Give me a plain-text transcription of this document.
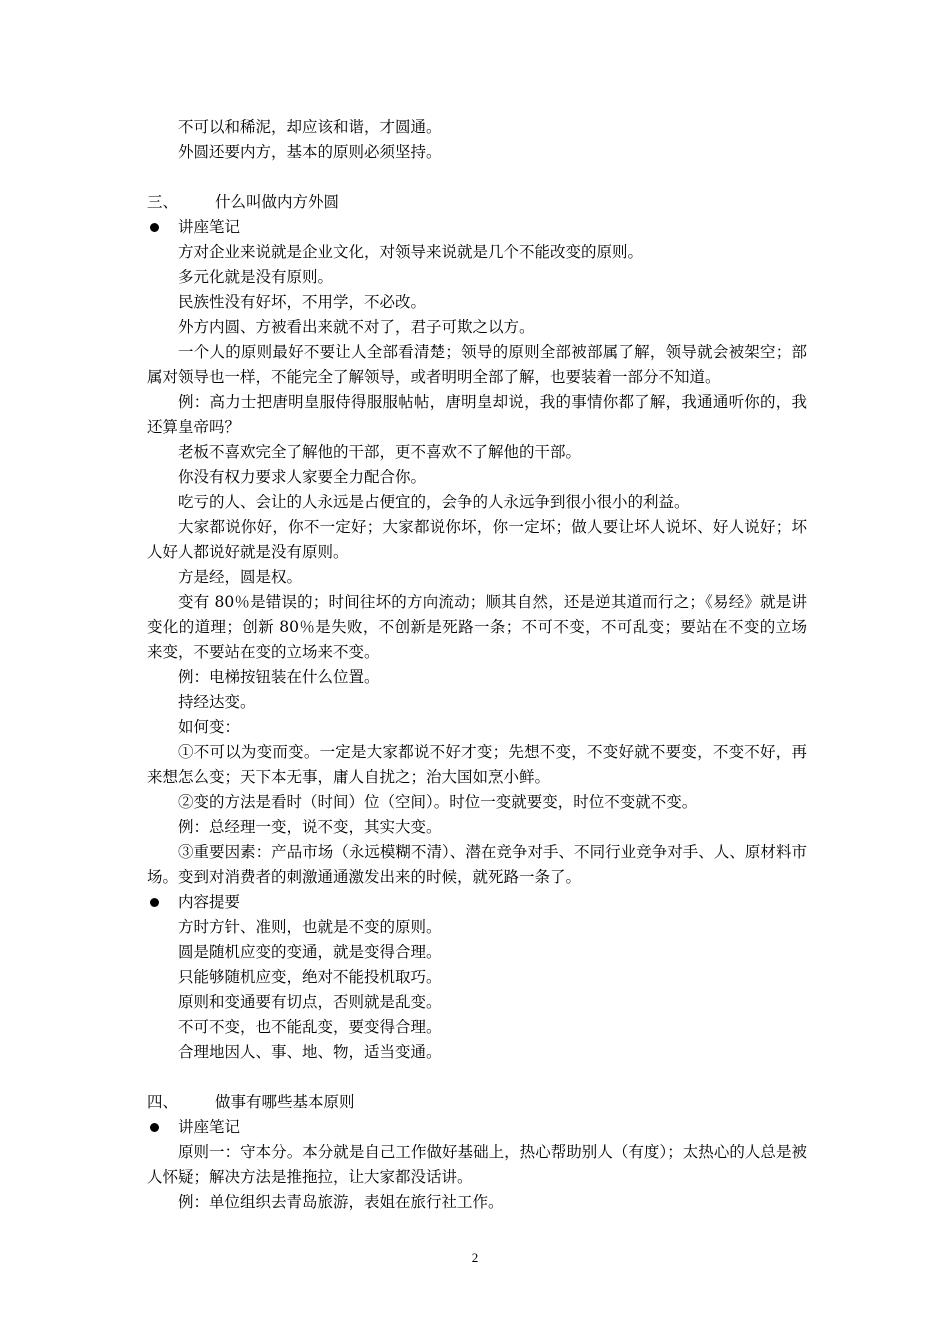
不可以和稀泥，却应该和谐，才圆通。

外圆还要内方，基本的原则必须坚持。

三、 什么叫做内方外圆
讲座笔记

方对企业来说就是企业文化，对领导来说就是几个不能改变的原则。

多元化就是没有原则。

民族性没有好坏，不用学，不必改。

外方内圆、方被看出来就不对了，君子可欺之以方。

一个人的原则最好不要让人全部看清楚；领导的原则全部被部属了解，领导就会被架空；部属对领导也一样，不能完全了解领导，或者明明全部了解，也要装着一部分不知道。

例：高力士把唐明皇服侍得服服帖帖，唐明皇却说，我的事情你都了解，我通通听你的，我还算皇帝吗？

老板不喜欢完全了解他的干部，更不喜欢不了解他的干部。

你没有权力要求人家要全力配合你。

吃亏的人、会让的人永远是占便宜的，会争的人永远争到很小很小的利益。

大家都说你好，你不一定好；大家都说你坏，你一定坏；做人要让坏人说坏、好人说好；坏人好人都说好就是没有原则。

方是经，圆是权。

变有 80％是错误的；时间往坏的方向流动；顺其自然，还是逆其道而行之；《易经》就是讲变化的道理；创新 80％是失败，不创新是死路一条；不可不变，不可乱变；要站在不变的立场来变，不要站在变的立场来不变。

例：电梯按钮装在什么位置。

持经达变。

如何变：

①不可以为变而变。一定是大家都说不好才变；先想不变，不变好就不要变，不变不好，再来想怎么变；天下本无事，庸人自扰之；治大国如烹小鲜。

②变的方法是看时（时间）位（空间）。时位一变就要变，时位不变就不变。

例：总经理一变，说不变，其实大变。

③重要因素：产品市场（永远模糊不清）、潜在竞争对手、不同行业竞争对手、人、原材料市场。变到对消费者的刺激通通激发出来的时候，就死路一条了。

内容提要

方时方针、准则，也就是不变的原则。

圆是随机应变的变通，就是变得合理。

只能够随机应变，绝对不能投机取巧。

原则和变通要有切点，否则就是乱变。

不可不变，也不能乱变，要变得合理。

合理地因人、事、地、物，适当变通。

四、 做事有哪些基本原则
讲座笔记

原则一：守本分。本分就是自己工作做好基础上，热心帮助别人（有度）；太热心的人总是被人怀疑；解决方法是推拖拉，让大家都没话讲。

例：单位组织去青岛旅游，表姐在旅行社工作。

2
